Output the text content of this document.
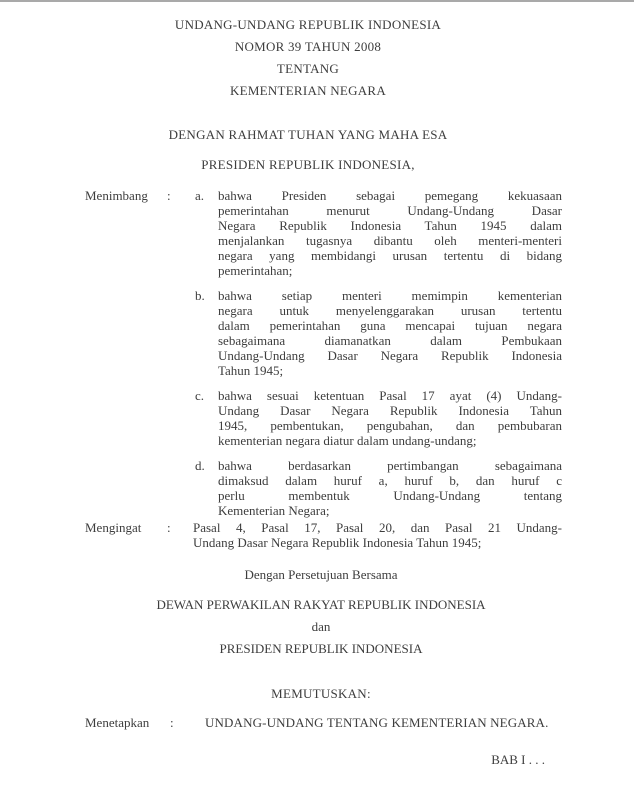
UNDANG-UNDANG REPUBLIK INDONESIA
NOMOR 39 TAHUN 2008
TENTANG
KEMENTERIAN NEGARA
DENGAN RAHMAT TUHAN YANG MAHA ESA
PRESIDEN REPUBLIK INDONESIA,
Menimbang : a.	bahwa Presiden sebagai pemegang kekuasaan
pemerintahan menurut Undang-Undang Dasar
Negara Republik Indonesia Tahun 1945 dalam
menjalankan tugasnya dibantu oleh menteri-menteri
negara yang membidangi urusan tertentu di bidang
pemerintahan;
b.	bahwa setiap menteri memimpin kementerian
negara untuk menyelenggarakan urusan tertentu
dalam pemerintahan guna mencapai tujuan negara
sebagaimana diamanatkan dalam Pembukaan
Undang-Undang Dasar Negara Republik Indonesia
Tahun 1945;
c.	bahwa sesuai ketentuan Pasal 17 ayat (4) Undang-
Undang Dasar Negara Republik Indonesia Tahun
1945, pembentukan, pengubahan, dan pembubaran
kementerian negara diatur dalam undang-undang;
d.	bahwa berdasarkan pertimbangan sebagaimana
dimaksud dalam huruf a, huruf b, dan huruf c
perlu membentuk Undang-Undang tentang
Kementerian Negara;
Mengingat : Pasal 4, Pasal 17, Pasal 20, dan Pasal 21 Undang-
Undang Dasar Negara Republik Indonesia Tahun 1945;
Dengan Persetujuan Bersama
DEWAN PERWAKILAN RAKYAT REPUBLIK INDONESIA
dan
PRESIDEN REPUBLIK INDONESIA
MEMUTUSKAN:
Menetapkan : UNDANG-UNDANG TENTANG KEMENTERIAN NEGARA.
BAB I . . .
